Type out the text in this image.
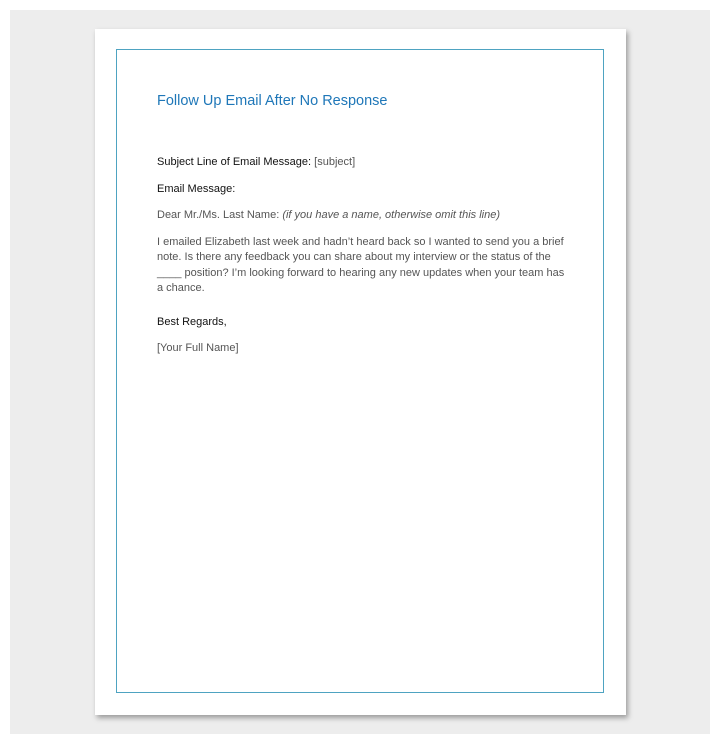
Follow Up Email After No Response
Subject Line of Email Message: [subject]
Email Message:
Dear Mr./Ms. Last Name: (if you have a name, otherwise omit this line)
I emailed Elizabeth last week and hadn’t heard back so I wanted to send you a brief note. Is there any feedback you can share about my interview or the status of the ____ position? I’m looking forward to hearing any new updates when your team has a chance.
Best Regards,
[Your Full Name]
